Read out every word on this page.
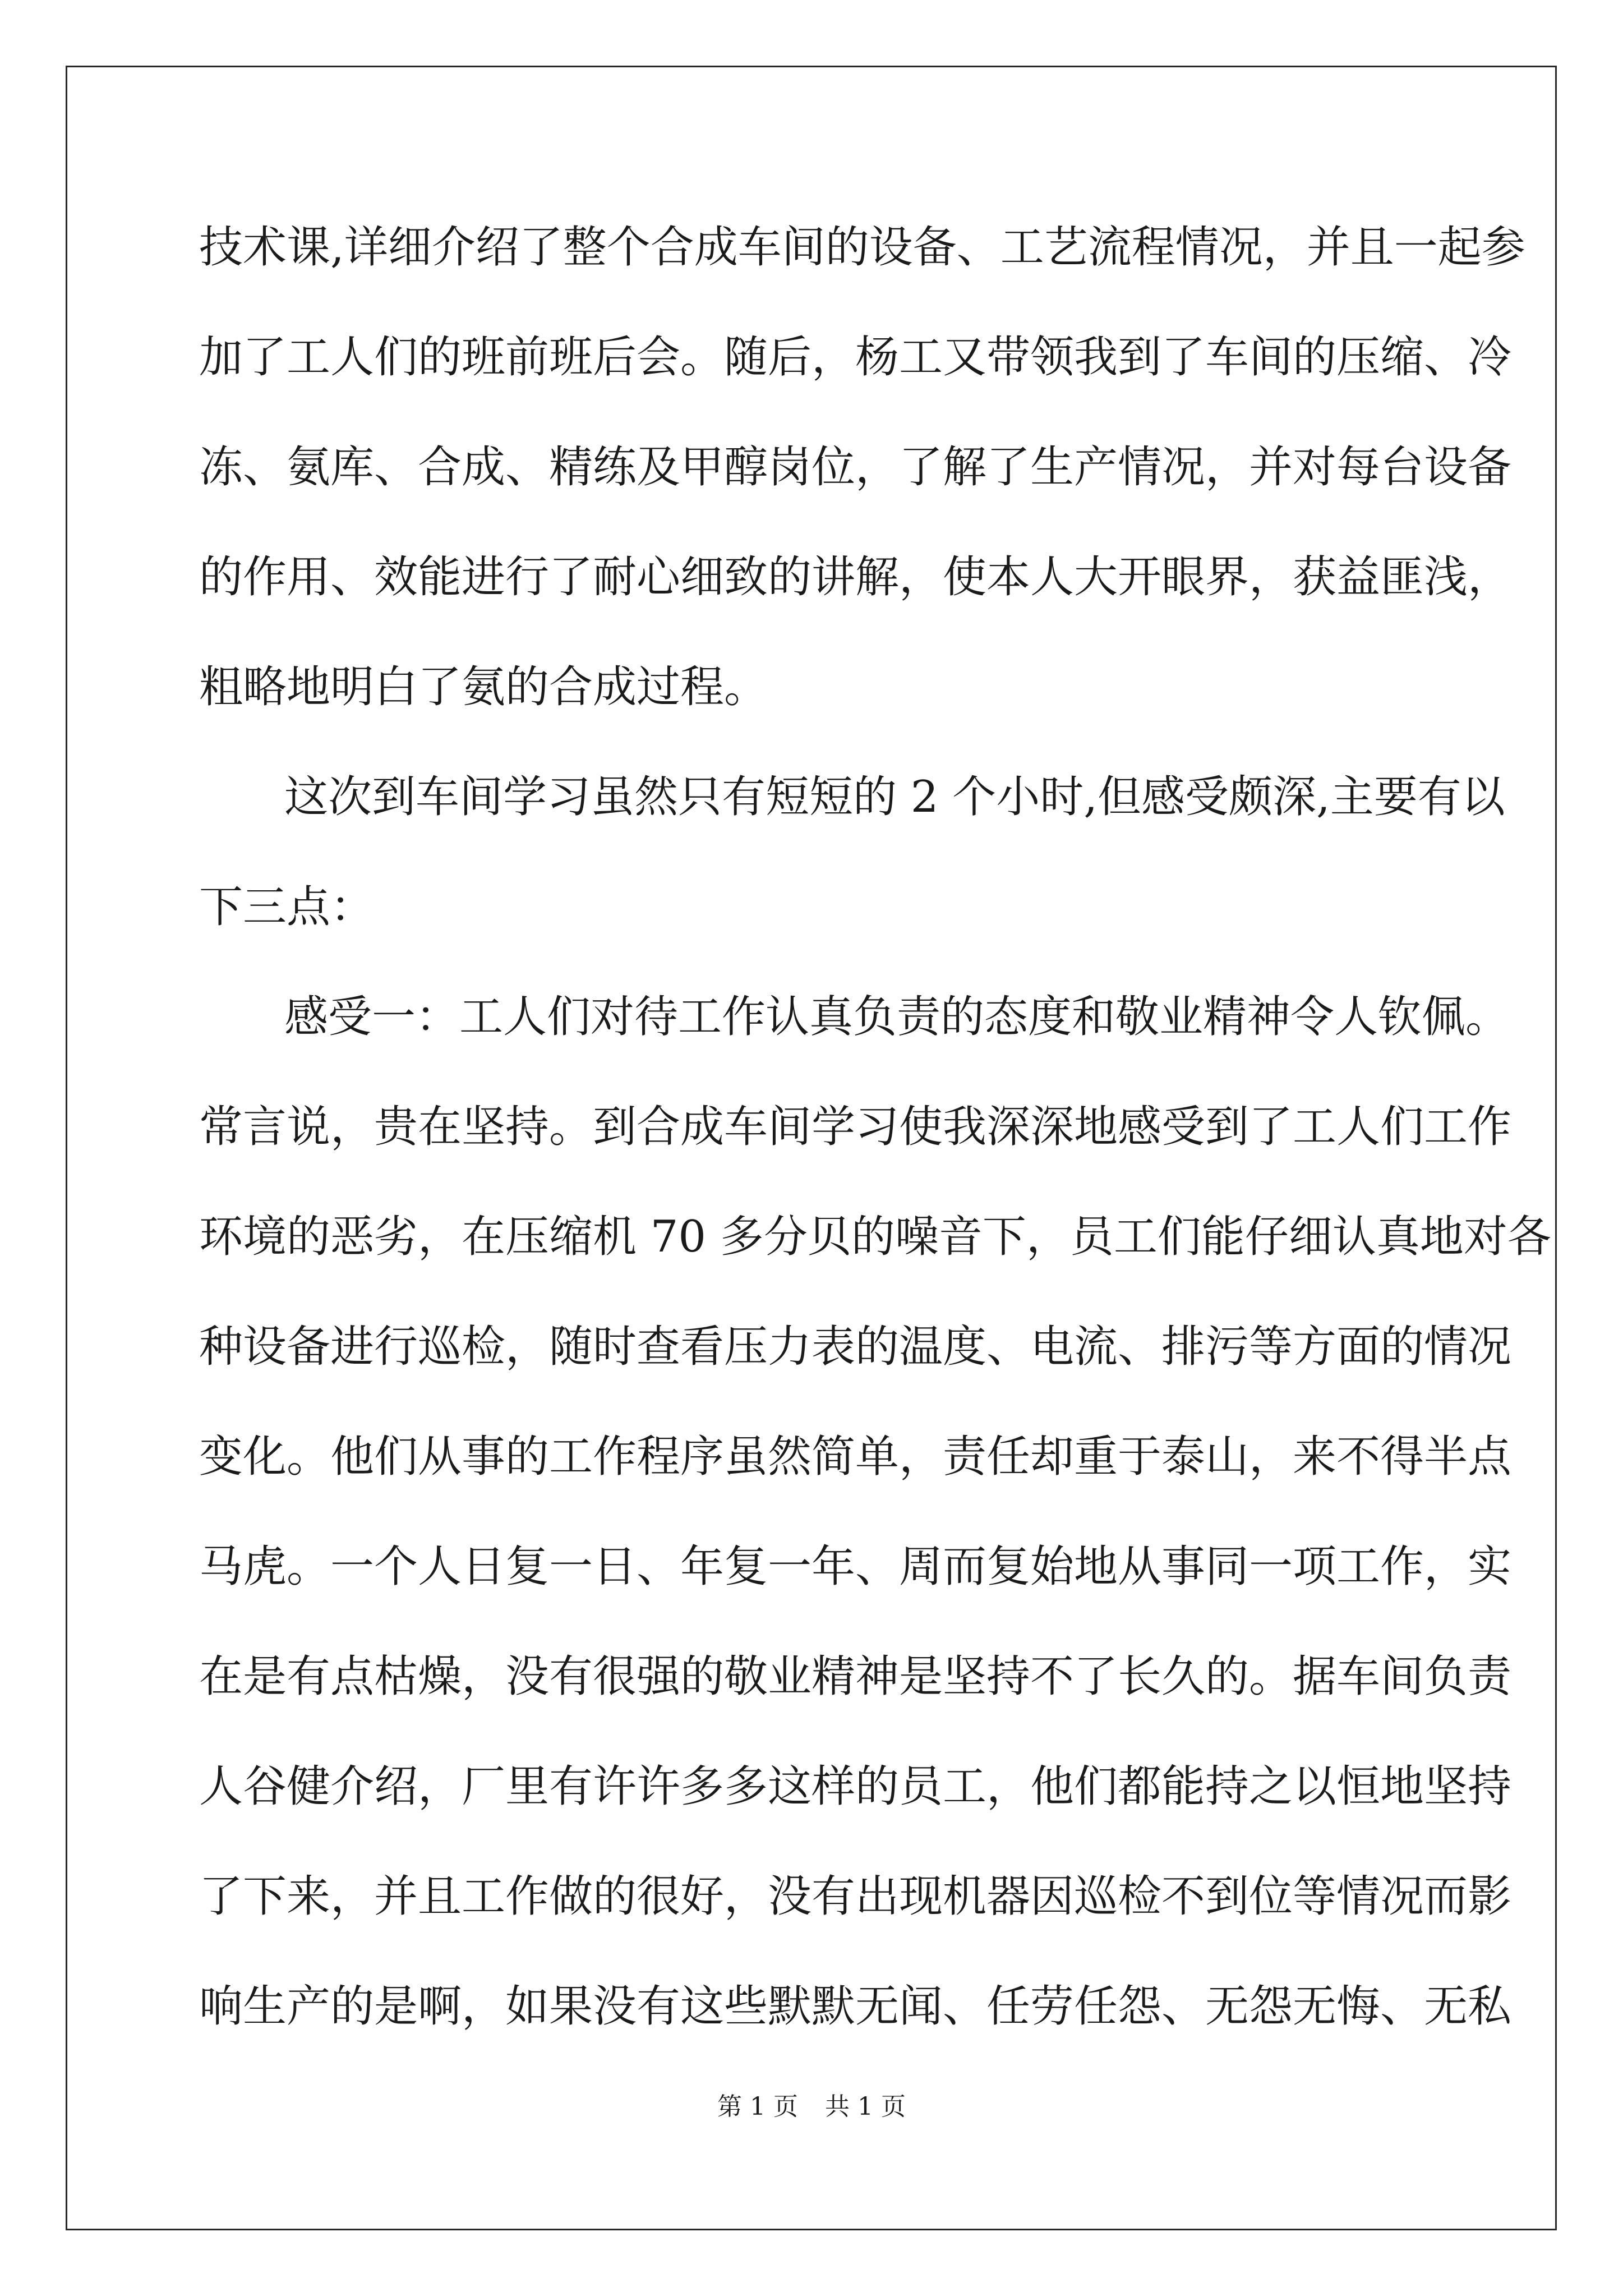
技术课,详细介绍了整个合成车间的设备、工艺流程情况，并且一起参
加了工人们的班前班后会。随后，杨工又带领我到了车间的压缩、冷
冻、氨库、合成、精练及甲醇岗位，了解了生产情况，并对每台设备
的作用、效能进行了耐心细致的讲解，使本人大开眼界，获益匪浅，
粗略地明白了氨的合成过程。
这次到车间学习虽然只有短短的 2 个小时,但感受颇深,主要有以
下三点：
感受一：工人们对待工作认真负责的态度和敬业精神令人钦佩。
常言说，贵在坚持。到合成车间学习使我深深地感受到了工人们工作
环境的恶劣，在压缩机 70 多分贝的噪音下，员工们能仔细认真地对各
种设备进行巡检，随时查看压力表的温度、电流、排污等方面的情况
变化。他们从事的工作程序虽然简单，责任却重于泰山，来不得半点
马虎。一个人日复一日、年复一年、周而复始地从事同一项工作，实
在是有点枯燥，没有很强的敬业精神是坚持不了长久的。据车间负责
人谷健介绍，厂里有许许多多这样的员工，他们都能持之以恒地坚持
了下来，并且工作做的很好，没有出现机器因巡检不到位等情况而影
响生产的是啊，如果没有这些默默无闻、任劳任怨、无怨无悔、无私
第 1 页 共 1 页
